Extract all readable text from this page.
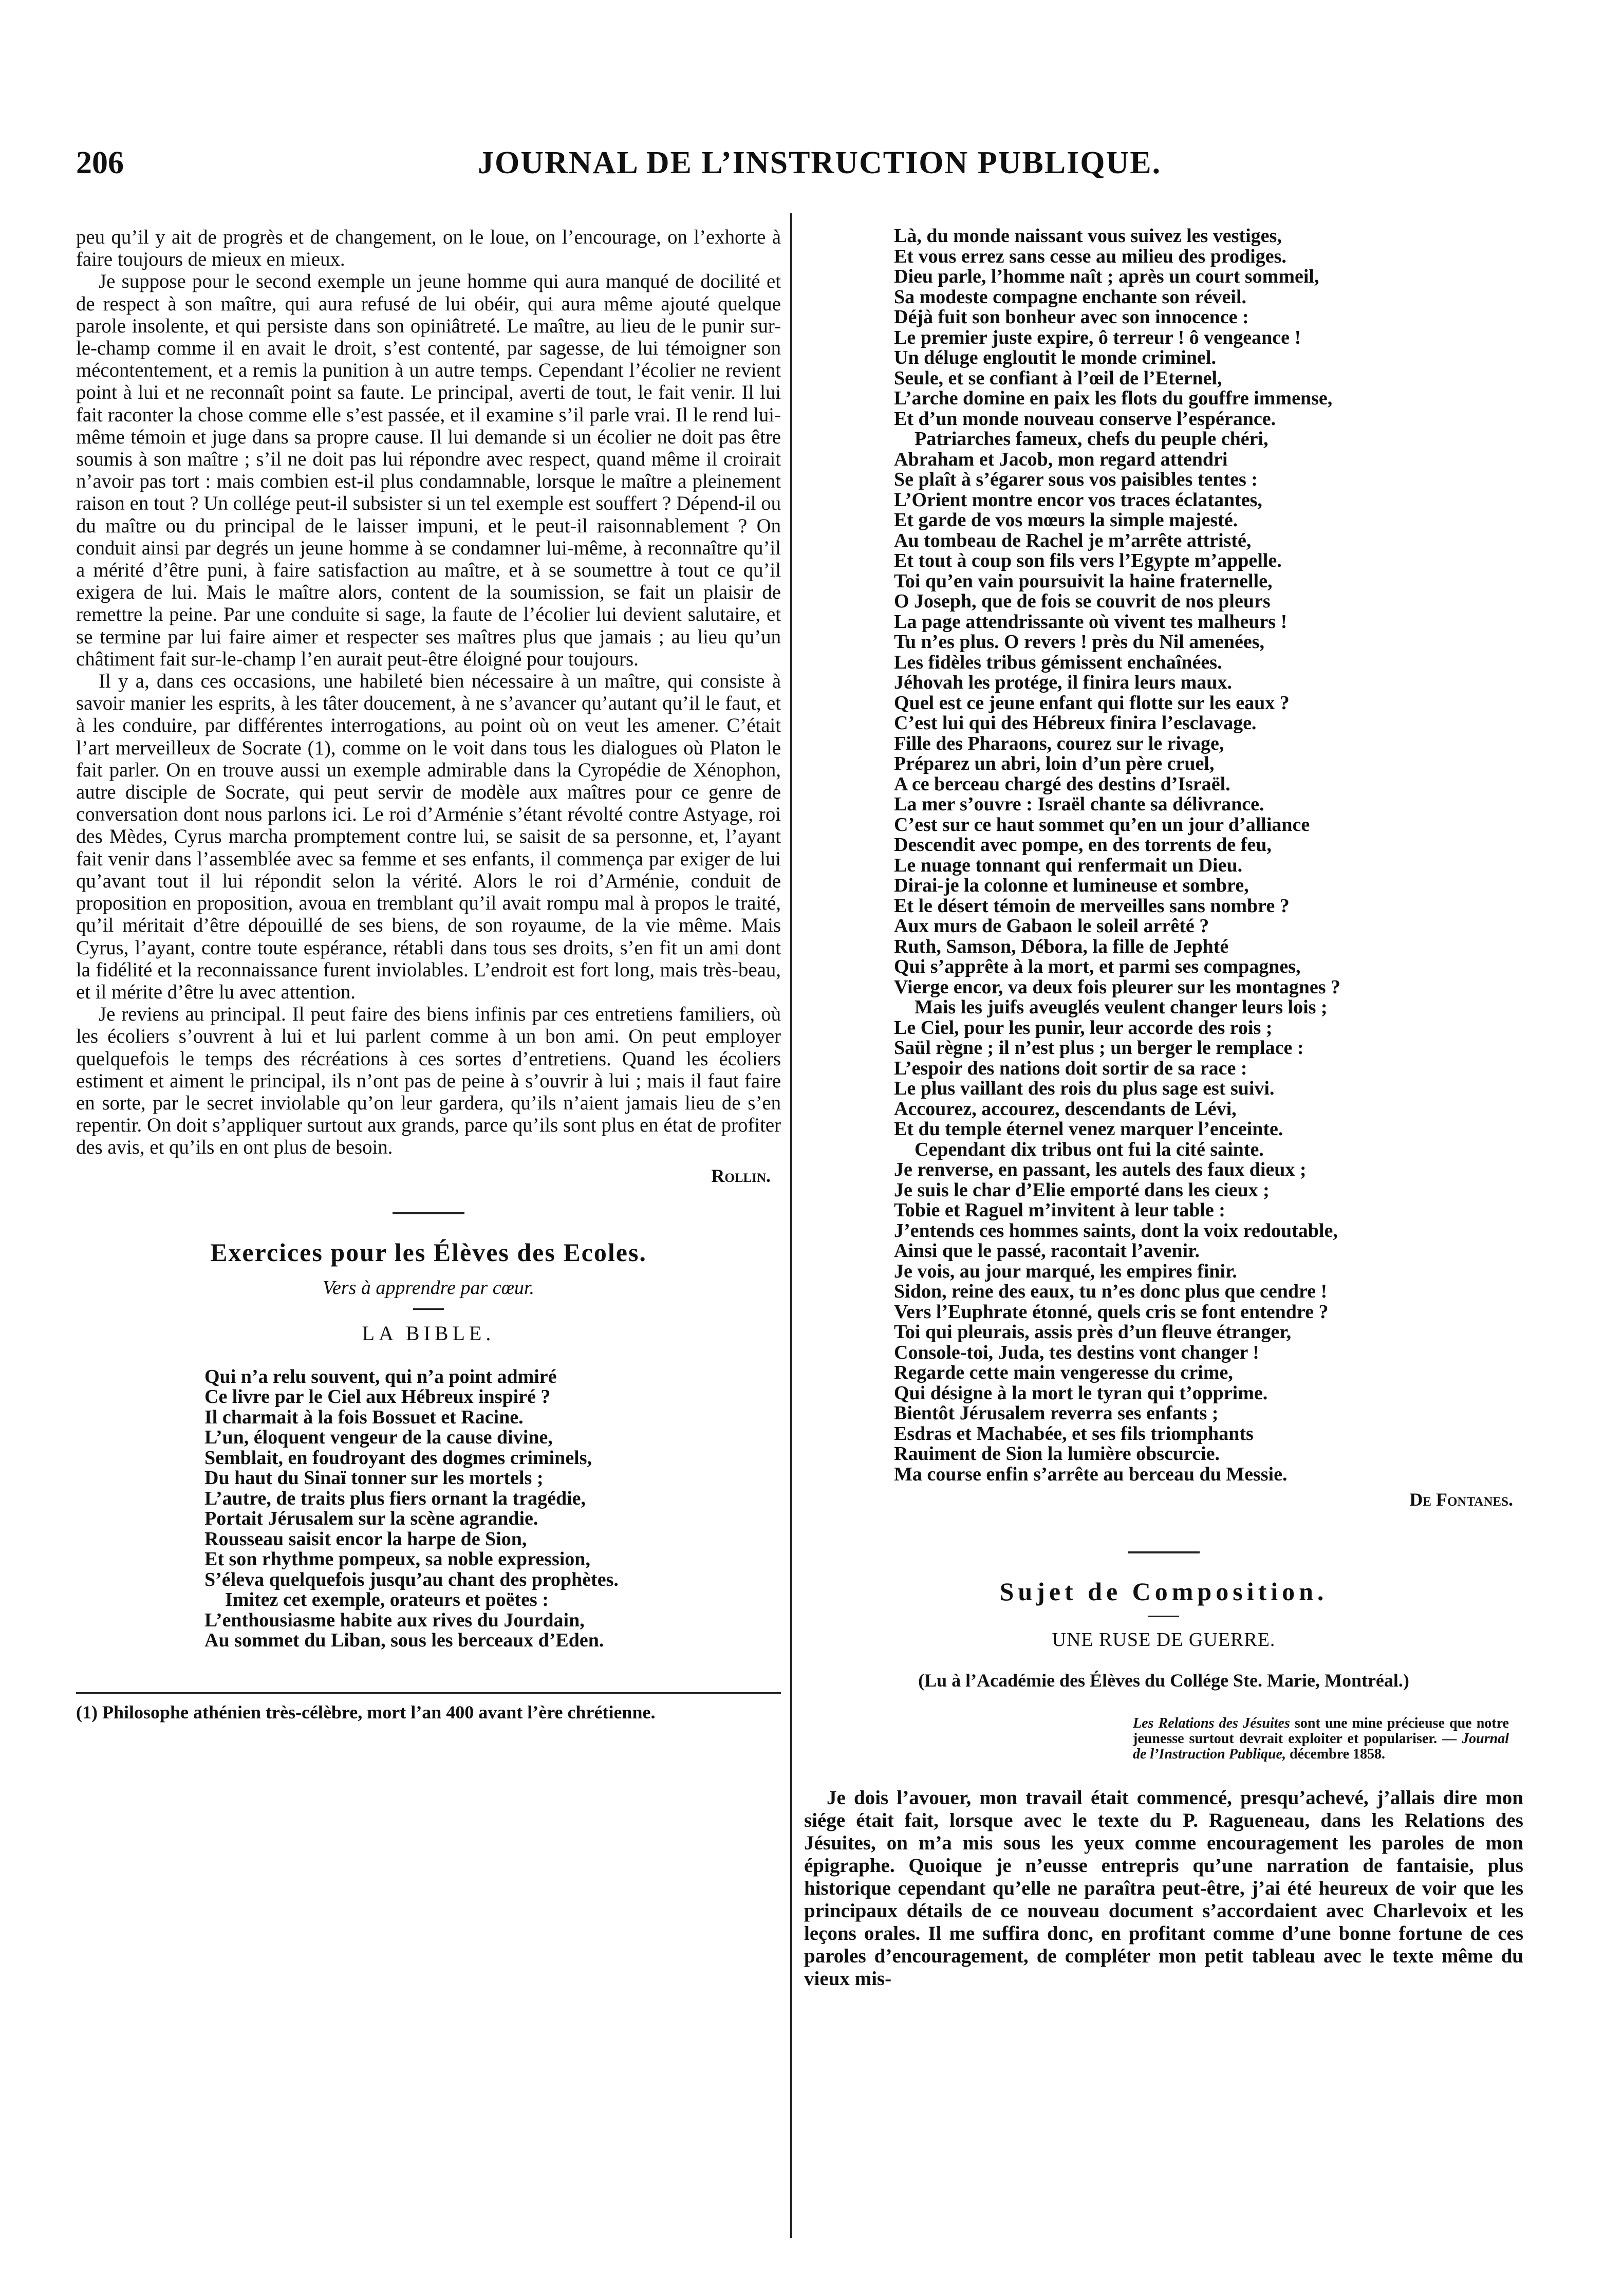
206	JOURNAL DE L’INSTRUCTION PUBLIQUE.

peu qu’il y ait de progrès et de changement, on le loue, on l’encourage, on l’exhorte à faire toujours de mieux en mieux.

Je suppose pour le second exemple un jeune homme qui aura manqué de docilité et de respect à son maître, qui aura refusé de lui obéir, qui aura même ajouté quelque parole insolente, et qui persiste dans son opiniâtreté. Le maître, au lieu de le punir sur-le-champ comme il en avait le droit, s’est contenté, par sagesse, de lui témoigner son mécontentement, et a remis la punition à un autre temps. Cependant l’écolier ne revient point à lui et ne reconnaît point sa faute. Le principal, averti de tout, le fait venir. Il lui fait raconter la chose comme elle s’est passée, et il examine s’il parle vrai. Il le rend lui-même témoin et juge dans sa propre cause. Il lui demande si un écolier ne doit pas être soumis à son maître ; s’il ne doit pas lui répondre avec respect, quand même il croirait n’avoir pas tort : mais combien est-il plus condamnable, lorsque le maître a pleinement raison en tout ? Un collége peut-il subsister si un tel exemple est souffert ? Dépend-il ou du maître ou du principal de le laisser impuni, et le peut-il raisonnablement ? On conduit ainsi par degrés un jeune homme à se condamner lui-même, à reconnaître qu’il a mérité d’être puni, à faire satisfaction au maître, et à se soumettre à tout ce qu’il exigera de lui. Mais le maître alors, content de la soumission, se fait un plaisir de remettre la peine. Par une conduite si sage, la faute de l’écolier lui devient salutaire, et se termine par lui faire aimer et respecter ses maîtres plus que jamais ; au lieu qu’un châtiment fait sur-le-champ l’en aurait peut-être éloigné pour toujours.

Il y a, dans ces occasions, une habileté bien nécessaire à un maître, qui consiste à savoir manier les esprits, à les tâter doucement, à ne s’avancer qu’autant qu’il le faut, et à les conduire, par différentes interrogations, au point où on veut les amener. C’était l’art merveilleux de Socrate (1), comme on le voit dans tous les dialogues où Platon le fait parler. On en trouve aussi un exemple admirable dans la Cyropédie de Xénophon, autre disciple de Socrate, qui peut servir de modèle aux maîtres pour ce genre de conversation dont nous parlons ici. Le roi d’Arménie s’étant révolté contre Astyage, roi des Mèdes, Cyrus marcha promptement contre lui, se saisit de sa personne, et, l’ayant fait venir dans l’assemblée avec sa femme et ses enfants, il commença par exiger de lui qu’avant tout il lui répondit selon la vérité. Alors le roi d’Arménie, conduit de proposition en proposition, avoua en tremblant qu’il avait rompu mal à propos le traité, qu’il méritait d’être dépouillé de ses biens, de son royaume, de la vie même. Mais Cyrus, l’ayant, contre toute espérance, rétabli dans tous ses droits, s’en fit un ami dont la fidélité et la reconnaissance furent inviolables. L’endroit est fort long, mais très-beau, et il mérite d’être lu avec attention.

Je reviens au principal. Il peut faire des biens infinis par ces entretiens familiers, où les écoliers s’ouvrent à lui et lui parlent comme à un bon ami. On peut employer quelquefois le temps des récréations à ces sortes d’entretiens. Quand les écoliers estiment et aiment le principal, ils n’ont pas de peine à s’ouvrir à lui ; mais il faut faire en sorte, par le secret inviolable qu’on leur gardera, qu’ils n’aient jamais lieu de s’en repentir. On doit s’appliquer surtout aux grands, parce qu’ils sont plus en état de profiter des avis, et qu’ils en ont plus de besoin.

Rollin.
Exercices pour les Élèves des Ecoles.
Vers à apprendre par cœur.
LA BIBLE.
Qui n’a relu souvent, qui n’a point admiré
Ce livre par le Ciel aux Hébreux inspiré ?
Il charmait à la fois Bossuet et Racine.
L’un, éloquent vengeur de la cause divine,
Semblait, en foudroyant des dogmes criminels,
Du haut du Sinaï tonner sur les mortels ;
L’autre, de traits plus fiers ornant la tragédie,
Portait Jérusalem sur la scène agrandie.
Rousseau saisit encor la harpe de Sion,
Et son rhythme pompeux, sa noble expression,
S’éleva quelquefois jusqu’au chant des prophètes.
Imitez cet exemple, orateurs et poëtes :
L’enthousiasme habite aux rives du Jourdain,
Au sommet du Liban, sous les berceaux d’Eden.
(1) Philosophe athénien très-célèbre, mort l’an 400 avant l’ère chrétienne.
Là, du monde naissant vous suivez les vestiges,
Et vous errez sans cesse au milieu des prodiges.
Dieu parle, l’homme naît ; après un court sommeil,
Sa modeste compagne enchante son réveil.
Déjà fuit son bonheur avec son innocence :
Le premier juste expire, ô terreur ! ô vengeance !
Un déluge engloutit le monde criminel.
Seule, et se confiant à l’œil de l’Eternel,
L’arche domine en paix les flots du gouffre immense,
Et d’un monde nouveau conserve l’espérance.
Patriarches fameux, chefs du peuple chéri,
Abraham et Jacob, mon regard attendri
Se plaît à s’égarer sous vos paisibles tentes :
L’Orient montre encor vos traces éclatantes,
Et garde de vos mœurs la simple majesté.
Au tombeau de Rachel je m’arrête attristé,
Et tout à coup son fils vers l’Egypte m’appelle.
Toi qu’en vain poursuivit la haine fraternelle,
O Joseph, que de fois se couvrit de nos pleurs
La page attendrissante où vivent tes malheurs !
Tu n’es plus. O revers ! près du Nil amenées,
Les fidèles tribus gémissent enchaînées.
Jéhovah les protége, il finira leurs maux.
Quel est ce jeune enfant qui flotte sur les eaux ?
C’est lui qui des Hébreux finira l’esclavage.
Fille des Pharaons, courez sur le rivage,
Préparez un abri, loin d’un père cruel,
A ce berceau chargé des destins d’Israël.
La mer s’ouvre : Israël chante sa délivrance.
C’est sur ce haut sommet qu’en un jour d’alliance
Descendit avec pompe, en des torrents de feu,
Le nuage tonnant qui renfermait un Dieu.
Dirai-je la colonne et lumineuse et sombre,
Et le désert témoin de merveilles sans nombre ?
Aux murs de Gabaon le soleil arrêté ?
Ruth, Samson, Débora, la fille de Jephté
Qui s’apprête à la mort, et parmi ses compagnes,
Vierge encor, va deux fois pleurer sur les montagnes ?
Mais les juifs aveuglés veulent changer leurs lois ;
Le Ciel, pour les punir, leur accorde des rois ;
Saül règne ; il n’est plus ; un berger le remplace :
L’espoir des nations doit sortir de sa race :
Le plus vaillant des rois du plus sage est suivi.
Accourez, accourez, descendants de Lévi,
Et du temple éternel venez marquer l’enceinte.
Cependant dix tribus ont fui la cité sainte.
Je renverse, en passant, les autels des faux dieux ;
Je suis le char d’Elie emporté dans les cieux ;
Tobie et Raguel m’invitent à leur table :
J’entends ces hommes saints, dont la voix redoutable,
Ainsi que le passé, racontait l’avenir.
Je vois, au jour marqué, les empires finir.
Sidon, reine des eaux, tu n’es donc plus que cendre !
Vers l’Euphrate étonné, quels cris se font entendre ?
Toi qui pleurais, assis près d’un fleuve étranger,
Console-toi, Juda, tes destins vont changer !
Regarde cette main vengeresse du crime,
Qui désigne à la mort le tyran qui t’opprime.
Bientôt Jérusalem reverra ses enfants ;
Esdras et Machabée, et ses fils triomphants
Rauiment de Sion la lumière obscurcie.
Ma course enfin s’arrête au berceau du Messie.
De Fontanes.
Sujet de Composition.
UNE RUSE DE GUERRE.
(Lu à l’Académie des Élèves du Collége Ste. Marie, Montréal.)
Les Relations des Jésuites sont une mine précieuse que notre jeunesse surtout devrait exploiter et populariser. — Journal de l’Instruction Publique, décembre 1858.

Je dois l’avouer, mon travail était commencé, presqu’achevé, j’allais dire mon siége était fait, lorsque avec le texte du P. Ragueneau, dans les Relations des Jésuites, on m’a mis sous les yeux comme encouragement les paroles de mon épigraphe. Quoique je n’eusse entrepris qu’une narration de fantaisie, plus historique cependant qu’elle ne paraîtra peut-être, j’ai été heureux de voir que les principaux détails de ce nouveau document s’accordaient avec Charlevoix et les leçons orales. Il me suffira donc, en profitant comme d’une bonne fortune de ces paroles d’encouragement, de compléter mon petit tableau avec le texte même du vieux mis-
